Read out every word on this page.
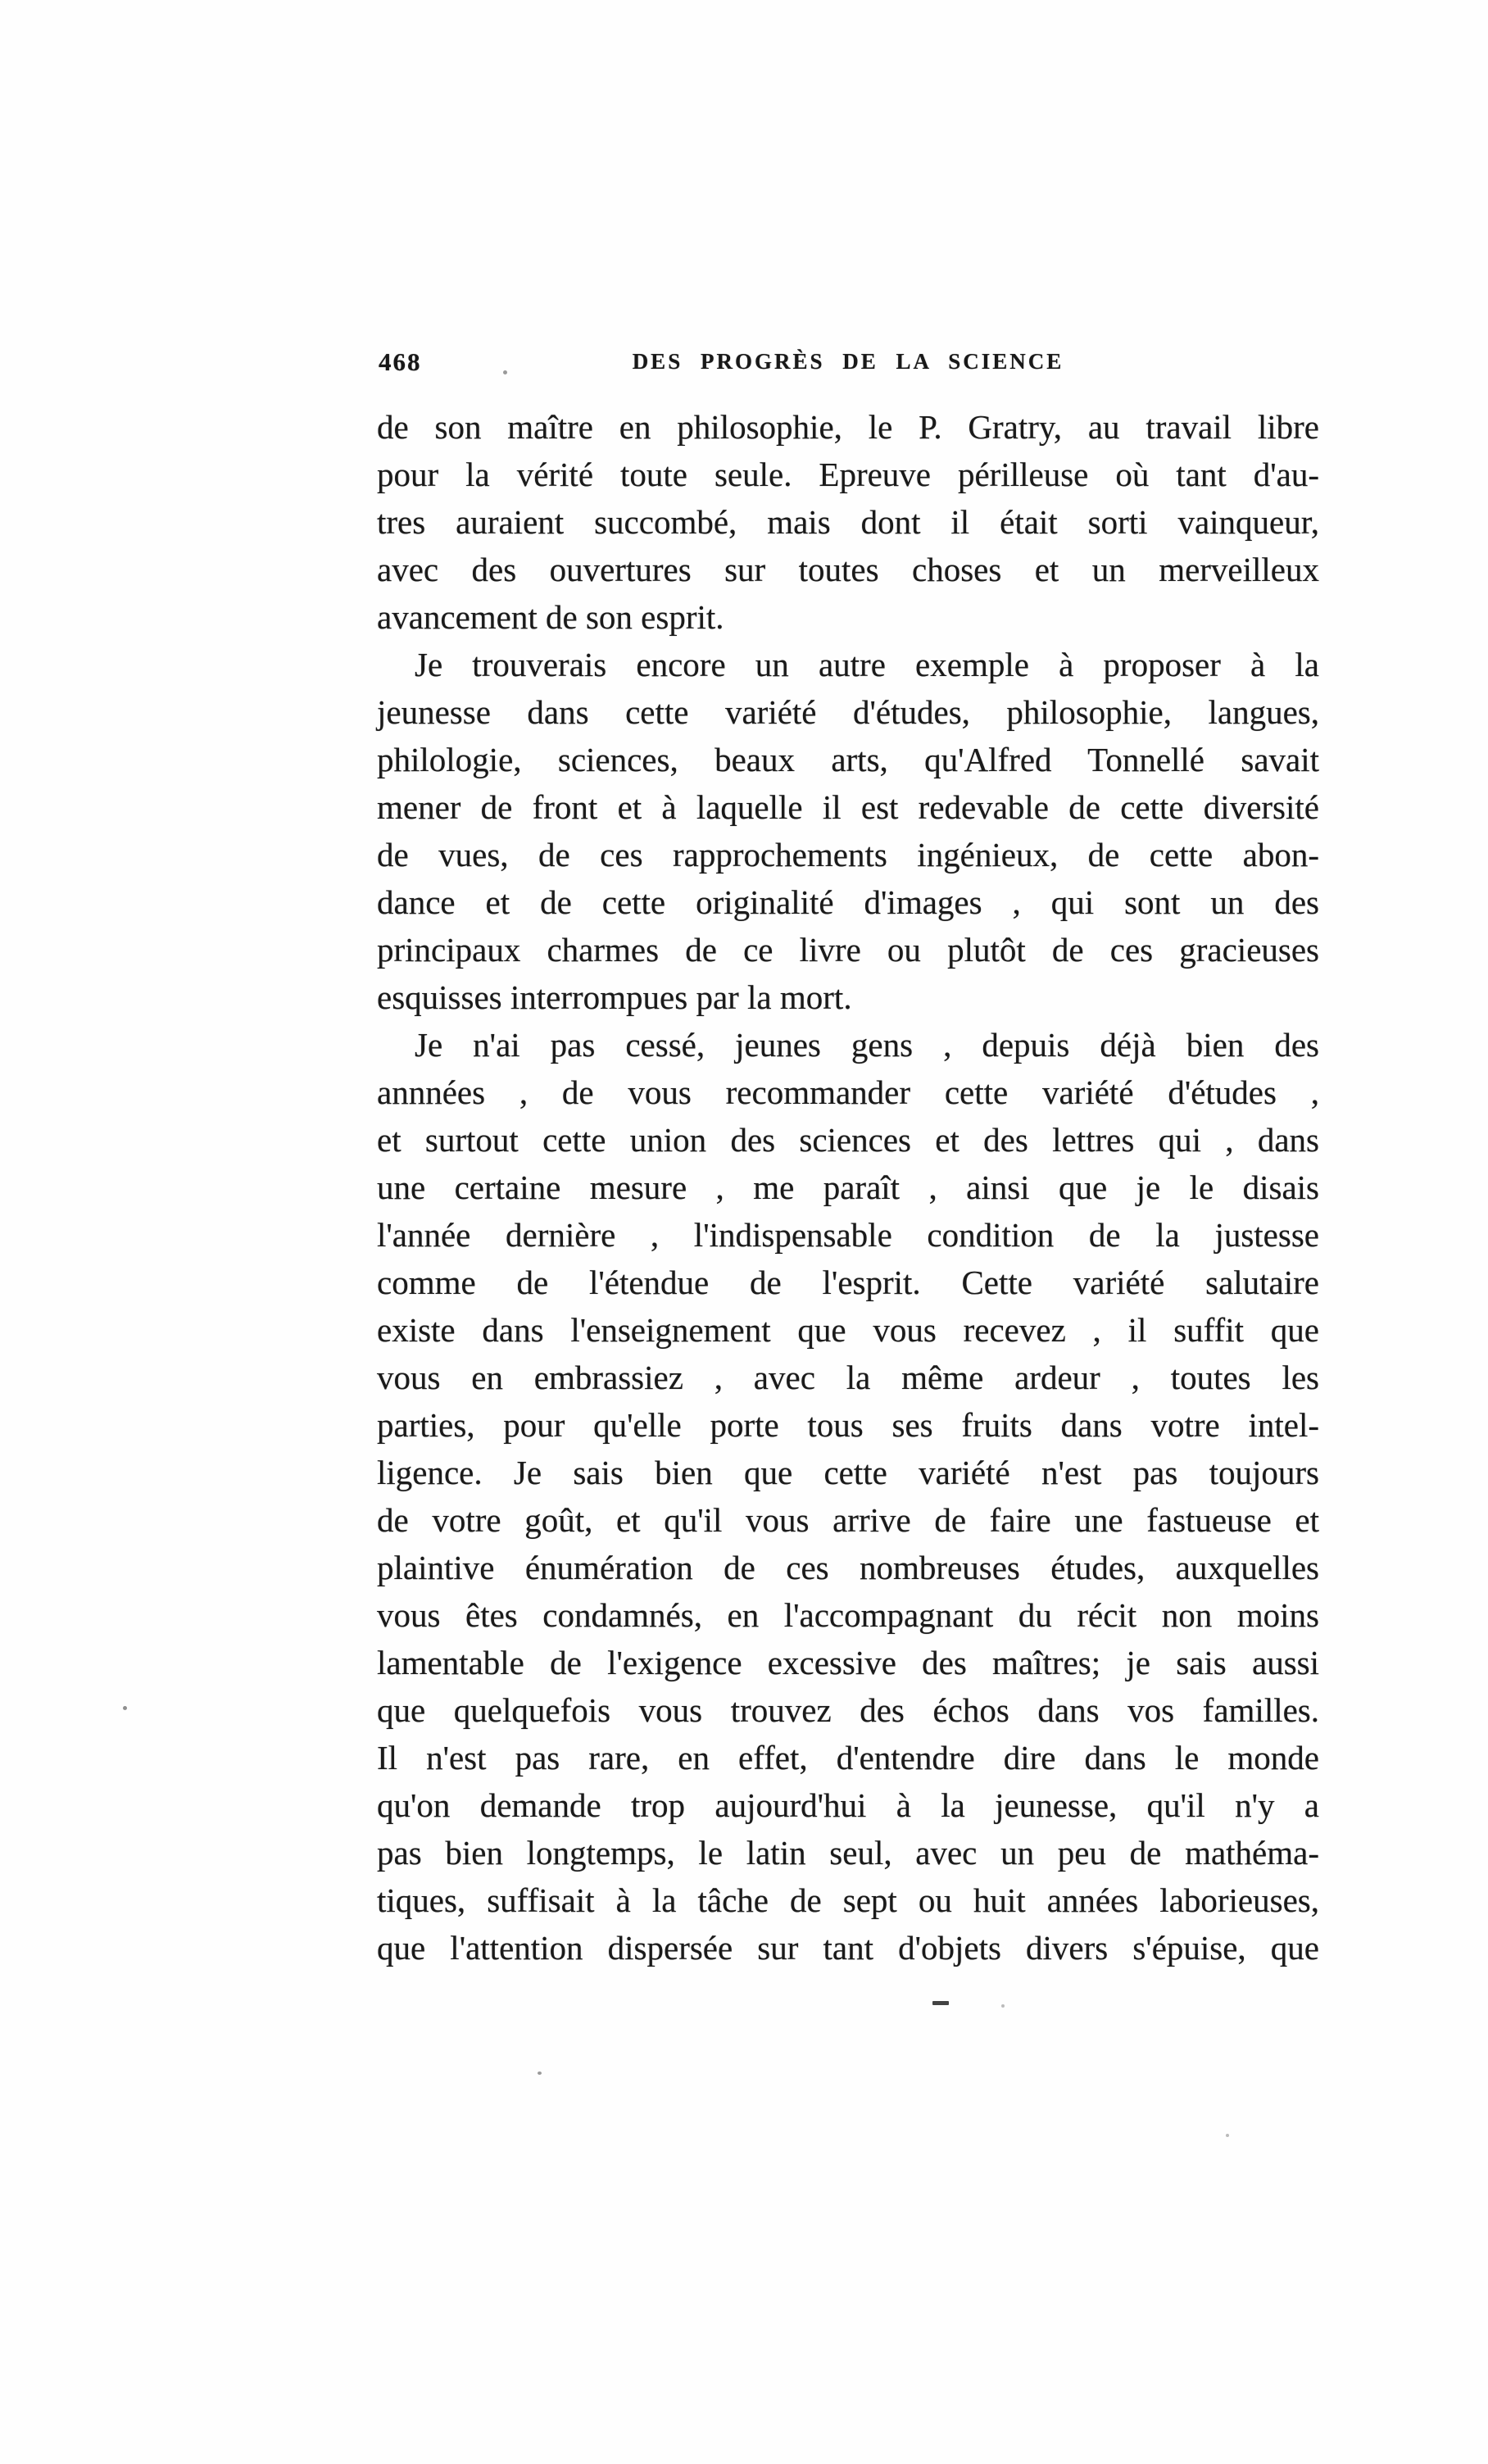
468	DES PROGRÈS DE LA SCIENCE
de son maître en philosophie, le P. Gratry, au travail libre
pour la vérité toute seule. Epreuve périlleuse où tant d'au-
tres auraient succombé, mais dont il était sorti vainqueur,
avec des ouvertures sur toutes choses et un merveilleux
avancement de son esprit.
Je trouverais encore un autre exemple à proposer à la
jeunesse dans cette variété d'études, philosophie, langues,
philologie, sciences, beaux arts, qu'Alfred Tonnellé savait
mener de front et à laquelle il est redevable de cette diversité
de vues, de ces rapprochements ingénieux, de cette abon-
dance et de cette originalité d'images , qui sont un des
principaux charmes de ce livre ou plutôt de ces gracieuses
esquisses interrompues par la mort.
Je n'ai pas cessé, jeunes gens , depuis déjà bien des
annnées , de vous recommander cette variété d'études ,
et surtout cette union des sciences et des lettres qui , dans
une certaine mesure , me paraît , ainsi que je le disais
l'année dernière , l'indispensable condition de la justesse
comme de l'étendue de l'esprit. Cette variété salutaire
existe dans l'enseignement que vous recevez , il suffit que
vous en embrassiez , avec la même ardeur , toutes les
parties, pour qu'elle porte tous ses fruits dans votre intel-
ligence. Je sais bien que cette variété n'est pas toujours
de votre goût, et qu'il vous arrive de faire une fastueuse et
plaintive énumération de ces nombreuses études, auxquelles
vous êtes condamnés, en l'accompagnant du récit non moins
lamentable de l'exigence excessive des maîtres; je sais aussi
que quelquefois vous trouvez des échos dans vos familles.
Il n'est pas rare, en effet, d'entendre dire dans le monde
qu'on demande trop aujourd'hui à la jeunesse, qu'il n'y a
pas bien longtemps, le latin seul, avec un peu de mathéma-
tiques, suffisait à la tâche de sept ou huit années laborieuses,
que l'attention dispersée sur tant d'objets divers s'épuise, que
